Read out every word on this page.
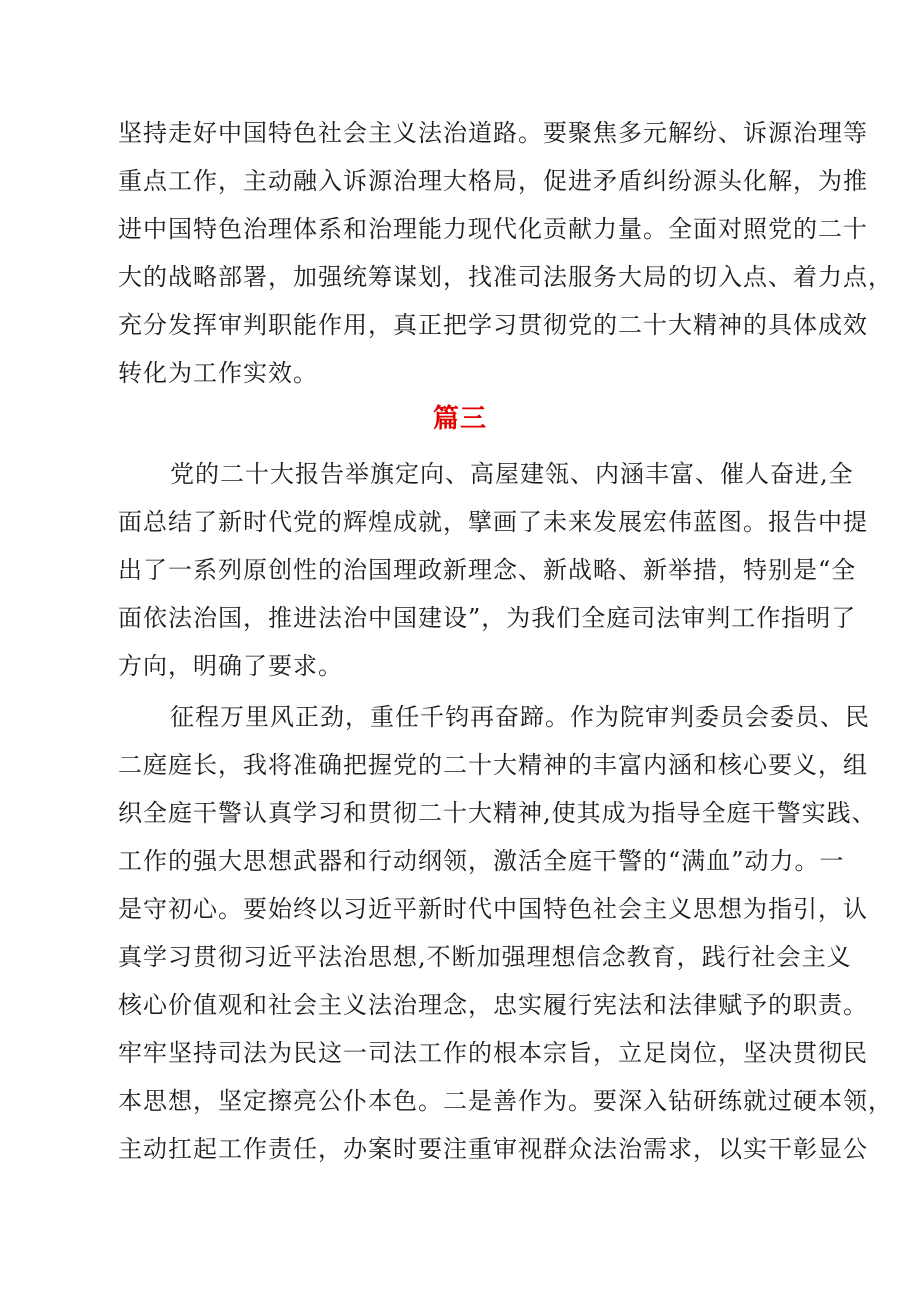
坚持走好中国特色社会主义法治道路。要聚焦多元解纷、诉源治理等
重点工作，主动融入诉源治理大格局，促进矛盾纠纷源头化解，为推
进中国特色治理体系和治理能力现代化贡献力量。全面对照党的二十
大的战略部署，加强统筹谋划，找准司法服务大局的切入点、着力点，
充分发挥审判职能作用，真正把学习贯彻党的二十大精神的具体成效
转化为工作实效。
篇三
党的二十大报告举旗定向、高屋建瓴、内涵丰富、催人奋进,全
面总结了新时代党的辉煌成就，擘画了未来发展宏伟蓝图。报告中提
出了一系列原创性的治国理政新理念、新战略、新举措，特别是“全
面依法治国，推进法治中国建设”，为我们全庭司法审判工作指明了
方向，明确了要求。
征程万里风正劲，重任千钧再奋蹄。作为院审判委员会委员、民
二庭庭长，我将准确把握党的二十大精神的丰富内涵和核心要义，组
织全庭干警认真学习和贯彻二十大精神,使其成为指导全庭干警实践、
工作的强大思想武器和行动纲领，激活全庭干警的“满血”动力。一
是守初心。要始终以习近平新时代中国特色社会主义思想为指引，认
真学习贯彻习近平法治思想,不断加强理想信念教育，践行社会主义
核心价值观和社会主义法治理念，忠实履行宪法和法律赋予的职责。
牢牢坚持司法为民这一司法工作的根本宗旨，立足岗位，坚决贯彻民
本思想，坚定擦亮公仆本色。二是善作为。要深入钻研练就过硬本领，
主动扛起工作责任，办案时要注重审视群众法治需求，以实干彰显公
